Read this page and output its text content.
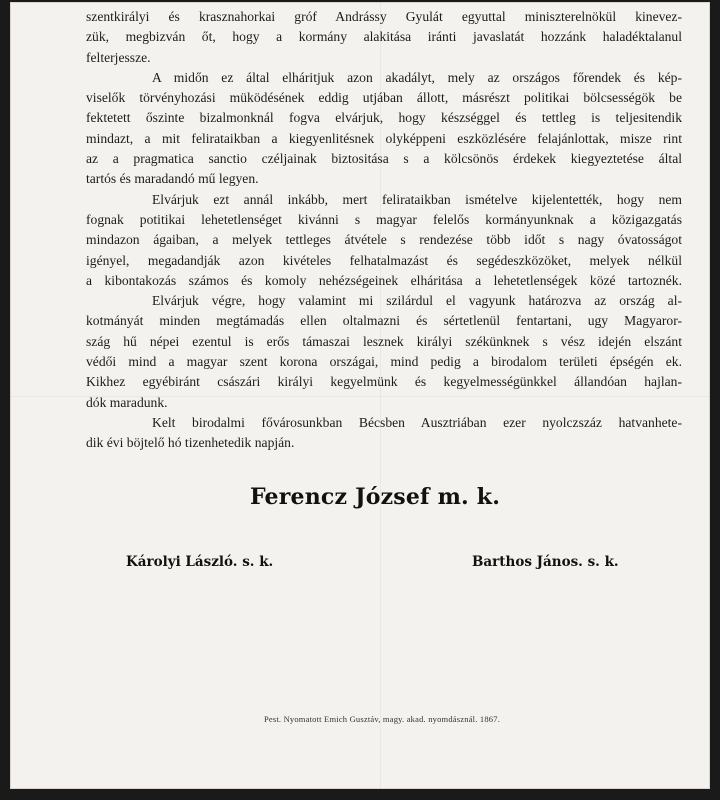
szentkirályi és krasznahorkai gróf Andrássy Gyulát egyuttal miniszterelnökül kinevez-
zük, megbizván őt, hogy a kormány alakitása iránti javaslatát hozzánk haladéktalanul
felterjessze.
A midőn ez által elháritjuk azon akadályt, mely az országos főrendek és kép-
viselők törvényhozási müködésének eddig utjában állott, másrészt politikai bölcsességök be
fektetett őszinte bizalmonknál fogva elvárjuk, hogy készséggel és tettleg is teljesitendik
mindazt, a mit felirataikban a kiegyenlitésnek olyképpeni eszközlésére felajánlottak, misze rint
az a pragmatica sanctio czéljainak biztositása s a kölcsönös érdekek kiegyeztetése által
tartós és maradandó mű legyen.
Elvárjuk ezt annál inkább, mert felirataikban ismételve kijelentették, hogy nem
fognak potitikai lehetetlenséget kivánni s magyar felelős kormányunknak a közigazgatás
mindazon ágaiban, a melyek tettleges átvétele s rendezése több időt s nagy óvatosságot
igényel, megadandják azon kivételes felhatalmazást és segédeszközöket, melyek nélkül
a kibontakozás számos és komoly nehézségeinek elháritása a lehetetlenségek közé tartoznék.
Elvárjuk végre, hogy valamint mi szilárdul el vagyunk határozva az ország al-
kotmányát minden megtámadás ellen oltalmazni és sértetlenül fentartani, ugy Magyaror-
szág hű népei ezentul is erős támaszai lesznek királyi székünknek s vész idején elszánt
védői mind a magyar szent korona országai, mind pedig a birodalom területi épségén ek.
Kikhez egyébiránt császári királyi kegyelmünk és kegyelmességünkkel állandóan hajlan-
dók maradunk.
Kelt birodalmi fővárosunkban Bécsben Ausztriában ezer nyolczszáz hatvanhete-
dik évi böjtelő hó tizenhetedik napján.
Ferencz József m. k.
Károlyi László. s. k.	Barthos János. s. k.
Pest. Nyomatott Emich Gusztáv, magy. akad. nyomdásznál. 1867.
